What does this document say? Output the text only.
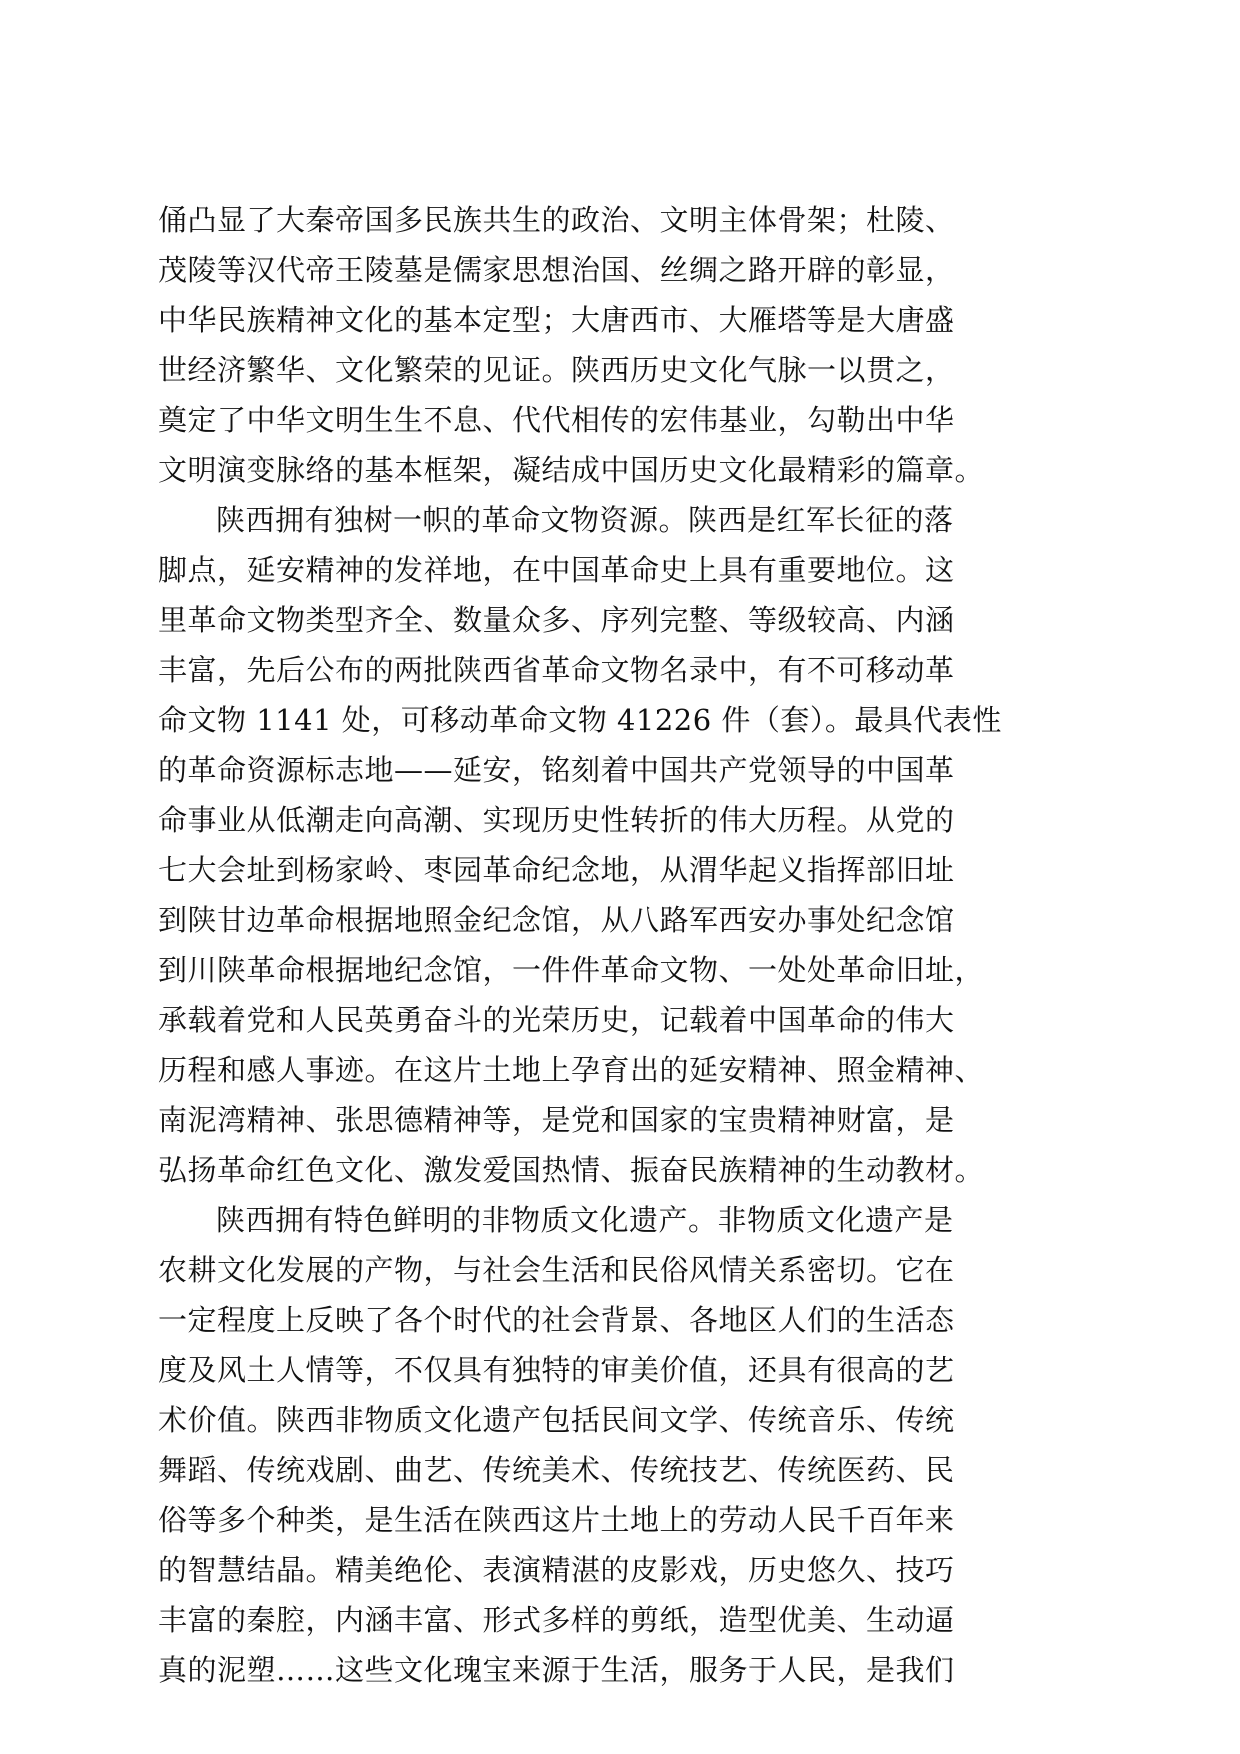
俑凸显了大秦帝国多民族共生的政治、文明主体骨架；杜陵、
茂陵等汉代帝王陵墓是儒家思想治国、丝绸之路开辟的彰显，
中华民族精神文化的基本定型；大唐西市、大雁塔等是大唐盛
世经济繁华、文化繁荣的见证。陕西历史文化气脉一以贯之，
奠定了中华文明生生不息、代代相传的宏伟基业，勾勒出中华
文明演变脉络的基本框架，凝结成中国历史文化最精彩的篇章。
陕西拥有独树一帜的革命文物资源。陕西是红军长征的落
脚点，延安精神的发祥地，在中国革命史上具有重要地位。这
里革命文物类型齐全、数量众多、序列完整、等级较高、内涵
丰富，先后公布的两批陕西省革命文物名录中，有不可移动革
命文物 1141 处，可移动革命文物 41226 件（套）。最具代表性
的革命资源标志地——延安，铭刻着中国共产党领导的中国革
命事业从低潮走向高潮、实现历史性转折的伟大历程。从党的
七大会址到杨家岭、枣园革命纪念地，从渭华起义指挥部旧址
到陕甘边革命根据地照金纪念馆，从八路军西安办事处纪念馆
到川陕革命根据地纪念馆，一件件革命文物、一处处革命旧址，
承载着党和人民英勇奋斗的光荣历史，记载着中国革命的伟大
历程和感人事迹。在这片土地上孕育出的延安精神、照金精神、
南泥湾精神、张思德精神等，是党和国家的宝贵精神财富，是
弘扬革命红色文化、激发爱国热情、振奋民族精神的生动教材。
陕西拥有特色鲜明的非物质文化遗产。非物质文化遗产是
农耕文化发展的产物，与社会生活和民俗风情关系密切。它在
一定程度上反映了各个时代的社会背景、各地区人们的生活态
度及风土人情等，不仅具有独特的审美价值，还具有很高的艺
术价值。陕西非物质文化遗产包括民间文学、传统音乐、传统
舞蹈、传统戏剧、曲艺、传统美术、传统技艺、传统医药、民
俗等多个种类，是生活在陕西这片土地上的劳动人民千百年来
的智慧结晶。精美绝伦、表演精湛的皮影戏，历史悠久、技巧
丰富的秦腔，内涵丰富、形式多样的剪纸，造型优美、生动逼
真的泥塑……这些文化瑰宝来源于生活，服务于人民，是我们
